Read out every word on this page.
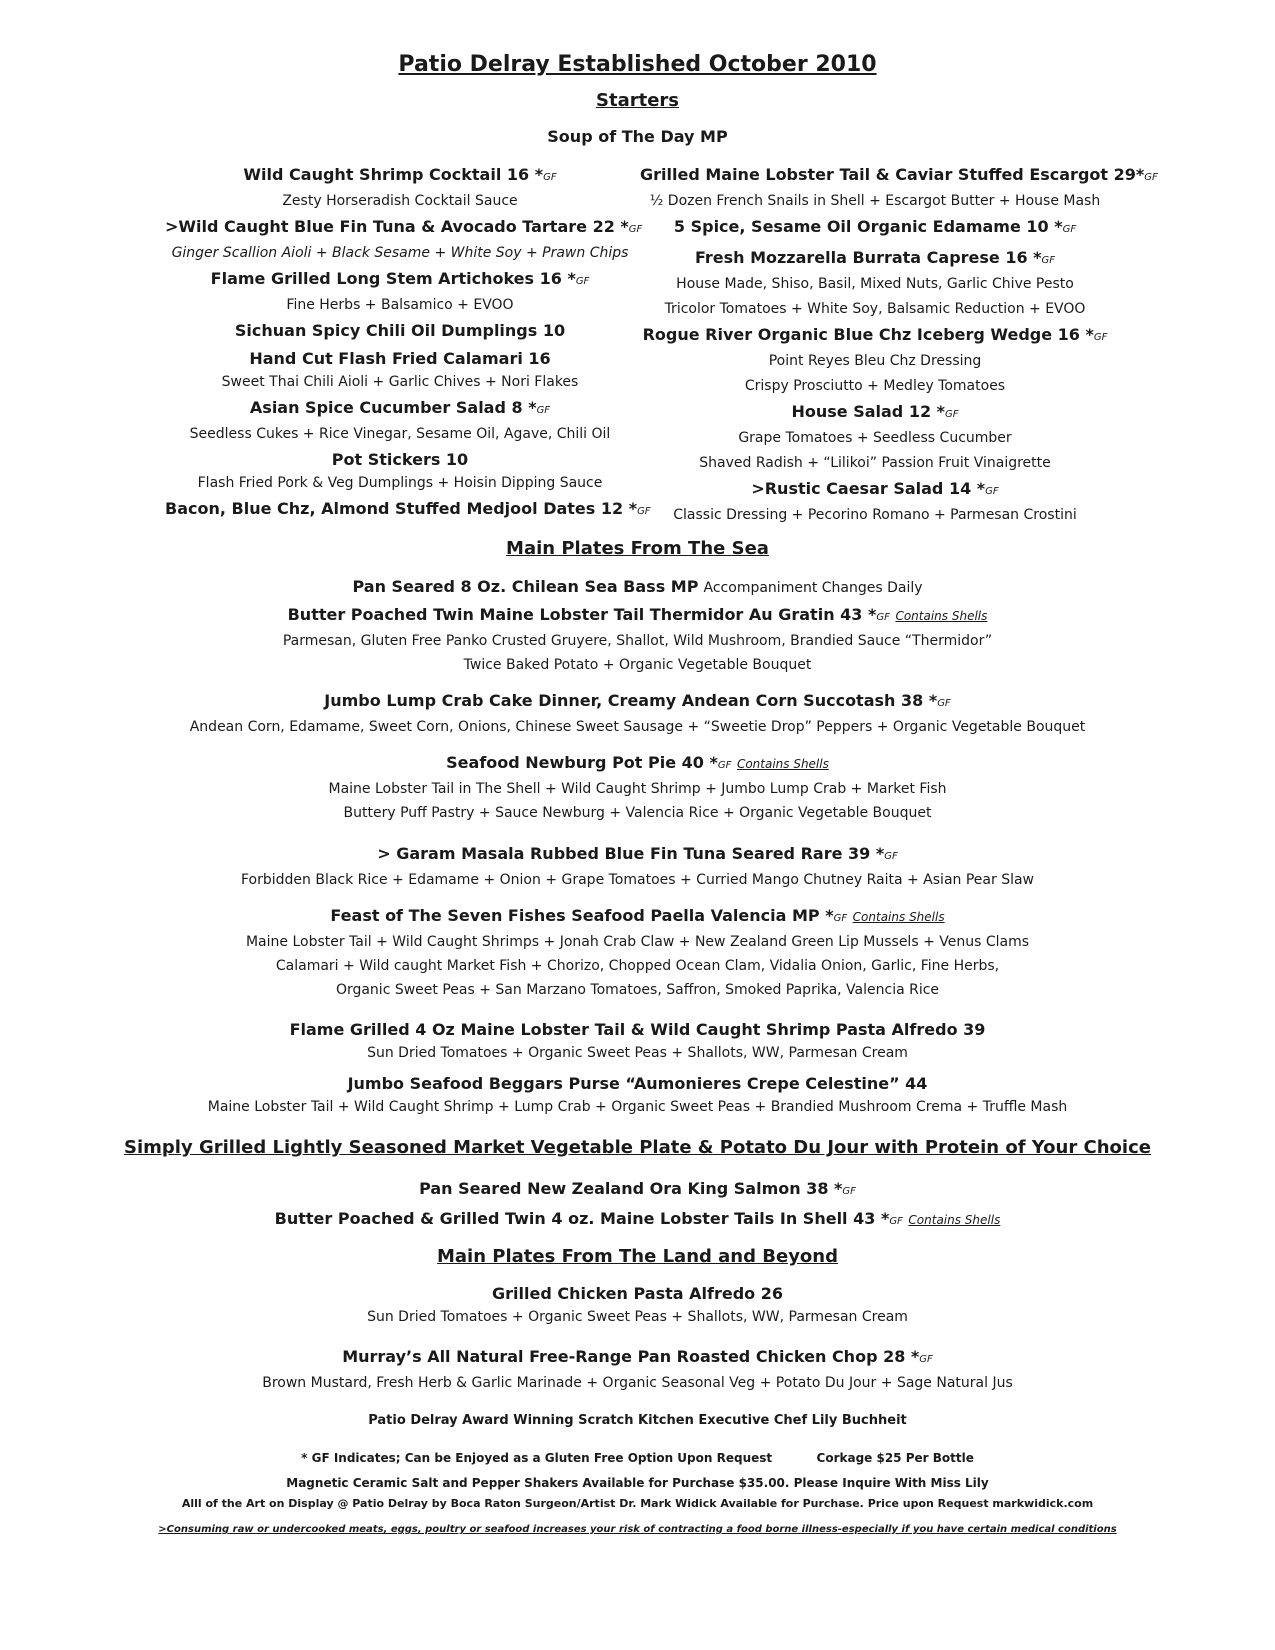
Patio Delray Established October 2010
Starters
Soup of The Day MP
Wild Caught Shrimp Cocktail 16 *GF
Zesty Horseradish Cocktail Sauce
>Wild Caught Blue Fin Tuna & Avocado Tartare 22 *GF
Ginger Scallion Aioli + Black Sesame + White Soy + Prawn Chips
Flame Grilled Long Stem Artichokes 16 *GF
Fine Herbs + Balsamico + EVOO
Sichuan Spicy Chili Oil Dumplings 10
Hand Cut Flash Fried Calamari 16
Sweet Thai Chili Aioli + Garlic Chives + Nori Flakes
Asian Spice Cucumber Salad 8 *GF
Seedless Cukes + Rice Vinegar, Sesame Oil, Agave, Chili Oil
Pot Stickers 10
Flash Fried Pork & Veg Dumplings + Hoisin Dipping Sauce
Bacon, Blue Chz, Almond Stuffed Medjool Dates 12 *GF
Grilled Maine Lobster Tail & Caviar Stuffed Escargot 29*GF
½ Dozen French Snails in Shell + Escargot Butter + House Mash
5 Spice, Sesame Oil Organic Edamame 10 *GF
Fresh Mozzarella Burrata Caprese 16 *GF
House Made, Shiso, Basil, Mixed Nuts, Garlic Chive Pesto
Tricolor Tomatoes + White Soy, Balsamic Reduction + EVOO
Rogue River Organic Blue Chz Iceberg Wedge 16 *GF
Point Reyes Bleu Chz Dressing
Crispy Prosciutto + Medley Tomatoes
House Salad 12 *GF
Grape Tomatoes + Seedless Cucumber
Shaved Radish + “Lilikoi” Passion Fruit Vinaigrette
>Rustic Caesar Salad 14 *GF
Classic Dressing + Pecorino Romano + Parmesan Crostini
Main Plates From The Sea
Pan Seared 8 Oz. Chilean Sea Bass MP Accompaniment Changes Daily
Butter Poached Twin Maine Lobster Tail Thermidor Au Gratin 43 *GF Contains Shells
Parmesan, Gluten Free Panko Crusted Gruyere, Shallot, Wild Mushroom, Brandied Sauce “Thermidor”
Twice Baked Potato + Organic Vegetable Bouquet
Jumbo Lump Crab Cake Dinner, Creamy Andean Corn Succotash 38 *GF
Andean Corn, Edamame, Sweet Corn, Onions, Chinese Sweet Sausage + “Sweetie Drop” Peppers + Organic Vegetable Bouquet
Seafood Newburg Pot Pie 40 *GF Contains Shells
Maine Lobster Tail in The Shell + Wild Caught Shrimp + Jumbo Lump Crab + Market Fish
Buttery Puff Pastry + Sauce Newburg + Valencia Rice + Organic Vegetable Bouquet
> Garam Masala Rubbed Blue Fin Tuna Seared Rare 39 *GF
Forbidden Black Rice + Edamame + Onion + Grape Tomatoes + Curried Mango Chutney Raita + Asian Pear Slaw
Feast of The Seven Fishes Seafood Paella Valencia MP *GF Contains Shells
Maine Lobster Tail + Wild Caught Shrimps + Jonah Crab Claw + New Zealand Green Lip Mussels + Venus Clams
Calamari + Wild caught Market Fish + Chorizo, Chopped Ocean Clam, Vidalia Onion, Garlic, Fine Herbs,
Organic Sweet Peas + San Marzano Tomatoes, Saffron, Smoked Paprika, Valencia Rice
Flame Grilled 4 Oz Maine Lobster Tail & Wild Caught Shrimp Pasta Alfredo 39
Sun Dried Tomatoes + Organic Sweet Peas + Shallots, WW, Parmesan Cream
Jumbo Seafood Beggars Purse “Aumonieres Crepe Celestine” 44
Maine Lobster Tail + Wild Caught Shrimp + Lump Crab + Organic Sweet Peas + Brandied Mushroom Crema + Truffle Mash
Simply Grilled Lightly Seasoned Market Vegetable Plate & Potato Du Jour with Protein of Your Choice
Pan Seared New Zealand Ora King Salmon 38 *GF
Butter Poached & Grilled Twin 4 oz. Maine Lobster Tails In Shell 43 *GF Contains Shells
Main Plates From The Land and Beyond
Grilled Chicken Pasta Alfredo 26
Sun Dried Tomatoes + Organic Sweet Peas + Shallots, WW, Parmesan Cream
Murray’s All Natural Free-Range Pan Roasted Chicken Chop 28 *GF
Brown Mustard, Fresh Herb & Garlic Marinade + Organic Seasonal Veg + Potato Du Jour + Sage Natural Jus
Patio Delray Award Winning Scratch Kitchen Executive Chef Lily Buchheit
* GF Indicates; Can be Enjoyed as a Gluten Free Option Upon Request	Corkage $25 Per Bottle
Magnetic Ceramic Salt and Pepper Shakers Available for Purchase $35.00. Please Inquire With Miss Lily
Alll of the Art on Display @ Patio Delray by Boca Raton Surgeon/Artist Dr. Mark Widick Available for Purchase. Price upon Request markwidick.com
>Consuming raw or undercooked meats, eggs, poultry or seafood increases your risk of contracting a food borne illness-especially if you have certain medical conditions
